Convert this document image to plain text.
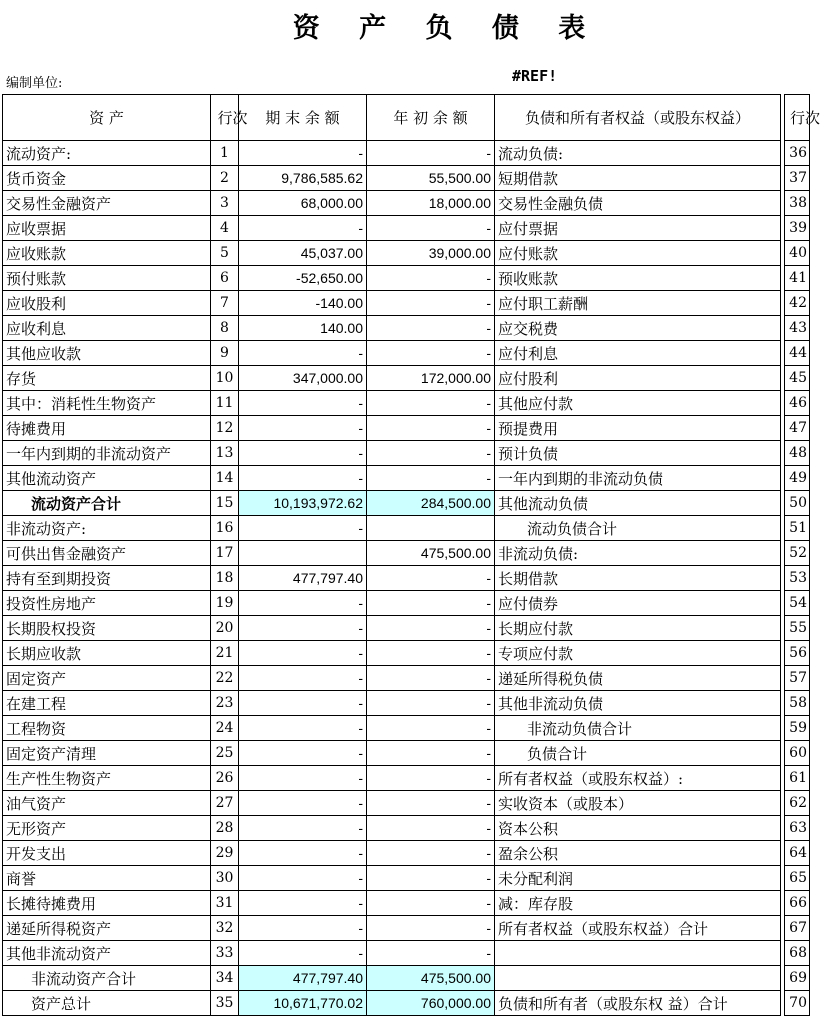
资 产 负 债 表
编制单位:	#REF!
资 产	行次	期 末 余 额	年 初 余 额	负债和所有者权益（或股东权益）		行次
流动资产:	1	-	-	流动负债:		36
货币资金	2	9,786,585.62	55,500.00	短期借款		37
交易性金融资产	3	68,000.00	18,000.00	交易性金融负债		38
应收票据	4	-	-	应付票据		39
应收账款	5	45,037.00	39,000.00	应付账款		40
预付账款	6	-52,650.00	-	预收账款		41
应收股利	7	-140.00	-	应付职工薪酬		42
应收利息	8	140.00	-	应交税费		43
其他应收款	9	-	-	应付利息		44
存货	10	347,000.00	172,000.00	应付股利		45
其中：消耗性生物资产	11	-	-	其他应付款		46
待摊费用	12	-	-	预提费用		47
一年内到期的非流动资产	13	-	-	预计负债		48
其他流动资产	14	-	-	一年内到期的非流动负债		49
流动资产合计	15	10,193,972.62	284,500.00	其他流动负债		50
非流动资产:	16	-		流动负债合计		51
可供出售金融资产	17		475,500.00	非流动负债:		52
持有至到期投资	18	477,797.40	-	长期借款		53
投资性房地产	19	-	-	应付债券		54
长期股权投资	20	-	-	长期应付款		55
长期应收款	21	-	-	专项应付款		56
固定资产	22	-	-	递延所得税负债		57
在建工程	23	-	-	其他非流动负债		58
工程物资	24	-	-	非流动负债合计		59
固定资产清理	25	-	-	负债合计		60
生产性生物资产	26	-	-	所有者权益（或股东权益）:		61
油气资产	27	-	-	实收资本（或股本）		62
无形资产	28	-	-	资本公积		63
开发支出	29	-	-	盈余公积		64
商誉	30	-	-	未分配利润		65
长摊待摊费用	31	-	-	减：库存股		66
递延所得税资产	32	-	-	所有者权益（或股东权益）合计		67
其他非流动资产	33	-	-			68
非流动资产合计	34	477,797.40	475,500.00			69
资产总计	35	10,671,770.02	760,000.00	负债和所有者（或股东权 益）合计		70
